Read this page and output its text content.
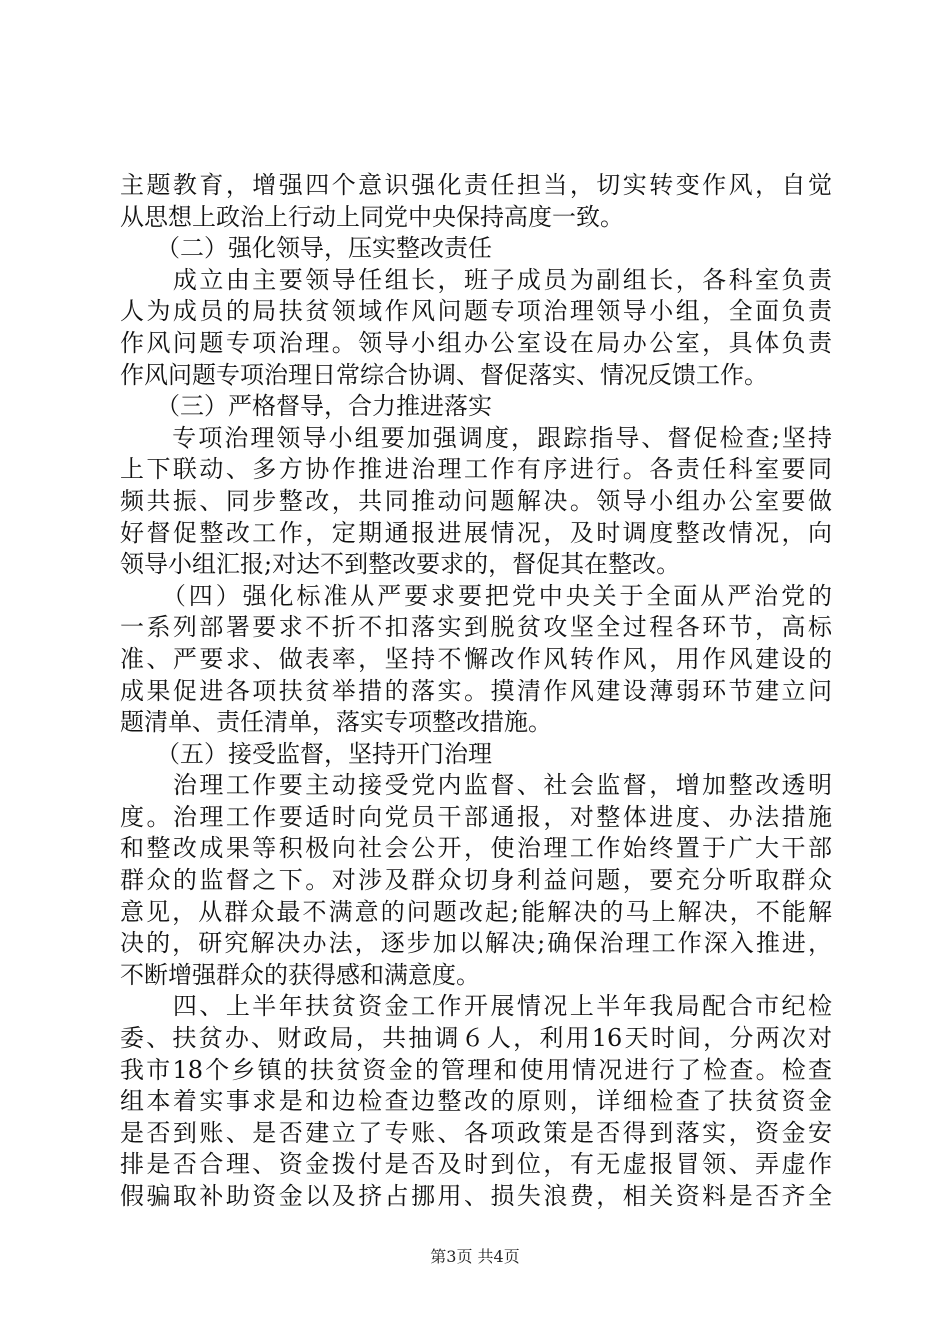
主题教育，增强四个意识强化责任担当，切实转变作风，自觉
从思想上政治上行动上同党中央保持高度一致。
　　（二）强化领导，压实整改责任
　　成立由主要领导任组长，班子成员为副组长，各科室负责
人为成员的局扶贫领域作风问题专项治理领导小组，全面负责
作风问题专项治理。领导小组办公室设在局办公室，具体负责
作风问题专项治理日常综合协调、督促落实、情况反馈工作。
　　（三）严格督导，合力推进落实
　　专项治理领导小组要加强调度，跟踪指导、督促检查;坚持
上下联动、多方协作推进治理工作有序进行。各责任科室要同
频共振、同步整改，共同推动问题解决。领导小组办公室要做
好督促整改工作，定期通报进展情况，及时调度整改情况，向
领导小组汇报;对达不到整改要求的，督促其在整改。
　　（四）强化标准从严要求要把党中央关于全面从严治党的
一系列部署要求不折不扣落实到脱贫攻坚全过程各环节，高标
准、严要求、做表率，坚持不懈改作风转作风，用作风建设的
成果促进各项扶贫举措的落实。摸清作风建设薄弱环节建立问
题清单、责任清单，落实专项整改措施。
　　（五）接受监督，坚持开门治理
　　治理工作要主动接受党内监督、社会监督，增加整改透明
度。治理工作要适时向党员干部通报，对整体进度、办法措施
和整改成果等积极向社会公开，使治理工作始终置于广大干部
群众的监督之下。对涉及群众切身利益问题，要充分听取群众
意见，从群众最不满意的问题改起;能解决的马上解决，不能解
决的，研究解决办法，逐步加以解决;确保治理工作深入推进，
不断增强群众的获得感和满意度。
　　四、上半年扶贫资金工作开展情况上半年我局配合市纪检
委、扶贫办、财政局，共抽调６人，利用16天时间，分两次对
我市18个乡镇的扶贫资金的管理和使用情况进行了检查。检查
组本着实事求是和边检查边整改的原则，详细检查了扶贫资金
是否到账、是否建立了专账、各项政策是否得到落实，资金安
排是否合理、资金拨付是否及时到位，有无虚报冒领、弄虚作
假骗取补助资金以及挤占挪用、损失浪费，相关资料是否齐全
第3页 共4页
